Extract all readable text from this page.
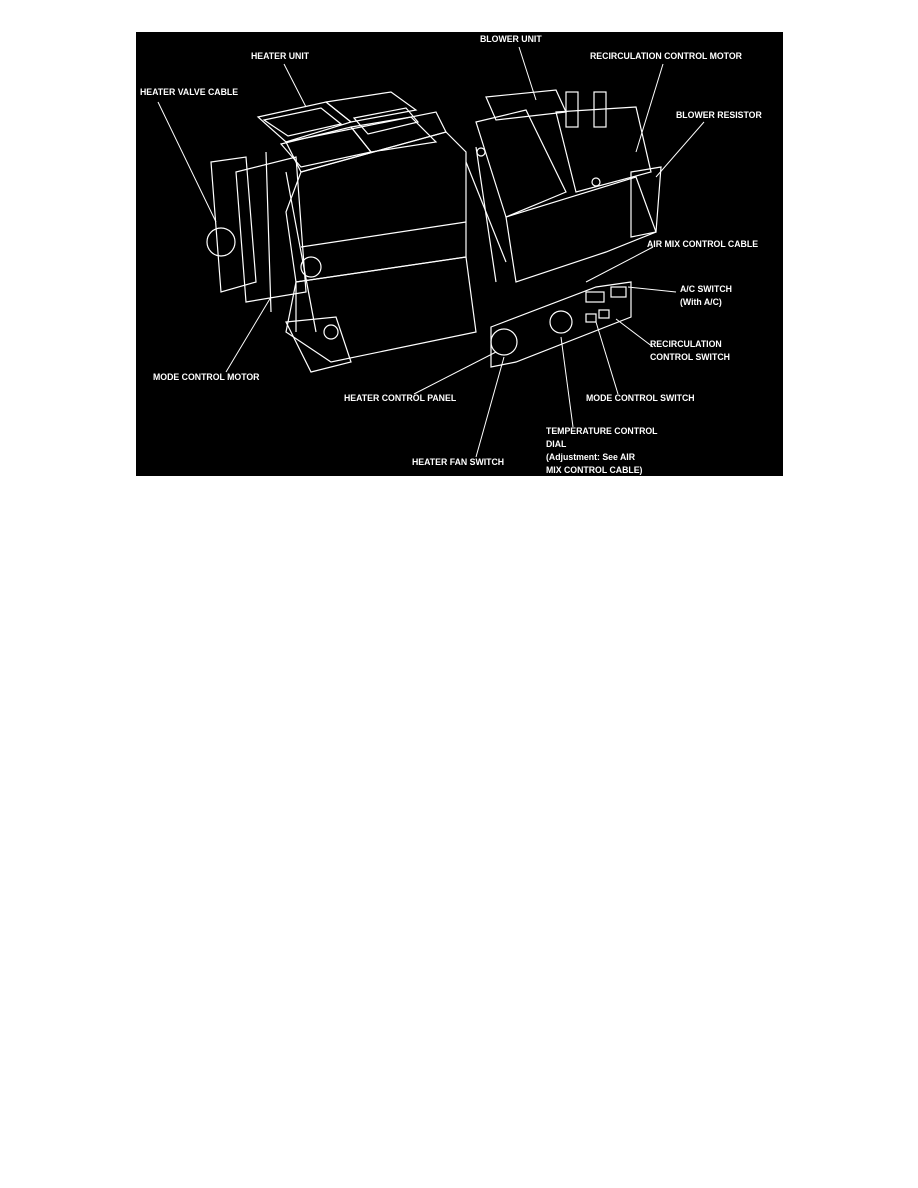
HEATER UNIT
BLOWER UNIT
RECIRCULATION CONTROL MOTOR
HEATER VALVE CABLE
BLOWER RESISTOR
AIR MIX CONTROL CABLE
A/C SWITCH
(With A/C)
RECIRCULATION
CONTROL SWITCH
MODE CONTROL MOTOR
HEATER CONTROL PANEL	MODE CONTROL SWITCH
TEMPERATURE CONTROL
DIAL
(Adjustment: See AIR
MIX CONTROL CABLE)
HEATER FAN SWITCH
